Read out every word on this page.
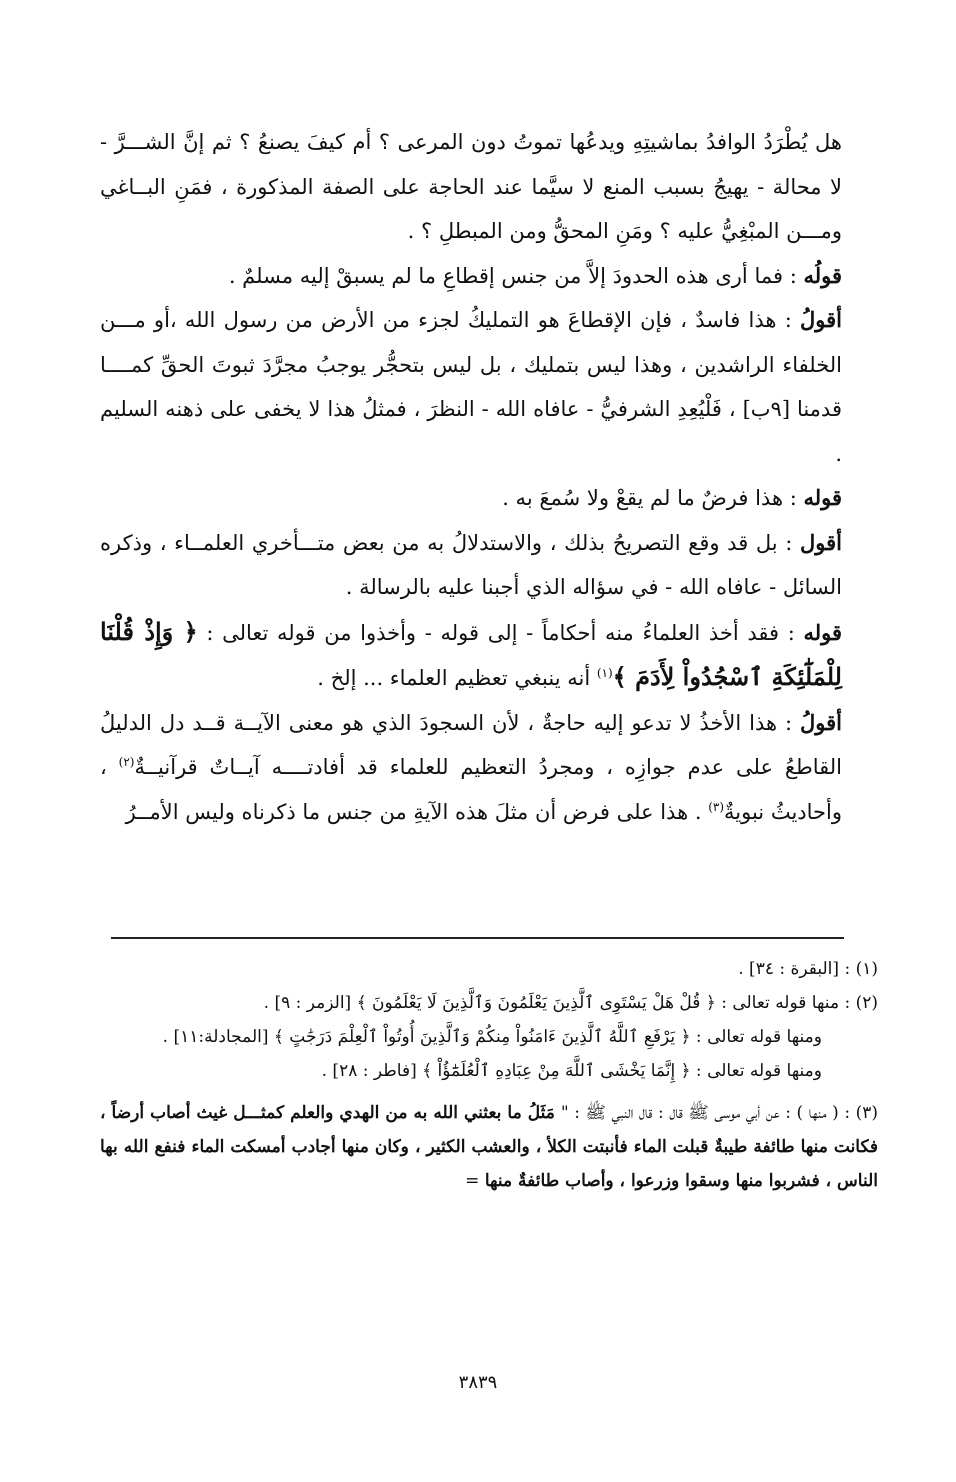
هل يُطْرَدُ الوافدُ بماشيتِهِ ويدعُها تموتُ دون المرعى ؟ أم كيفَ يصنعُ ؟ ثم إنَّ الشـــرَّ - لا محالة - يهيجُ بسبب المنع لا سيَّما عند الحاجة على الصفة المذكورة ، فمَنِ البــاغي ومـــن المبْغِيُّ عليه ؟ ومَنِ المحقُّ ومن المبطلِ ؟ .

قولُه : فما أرى هذه الحدودَ إلاَّ من جنس إقطاعِ ما لم يسبقْ إليه مسلمٌ .

أقولُ : هذا فاسدٌ ، فإن الإقطاعَ هو التمليكُ لجزء من الأرض من رسول الله ،أو مـــن الخلفاء الراشدين ، وهذا ليس بتمليك ، بل ليس بتحجُّر يوجبُ مجرَّدَ ثبوتَ الحقِّ كمــــا قدمنا [٩ب] ، فَلْيُعِدِ الشرفيُّ - عافاه الله - النظرَ ، فمثلُ هذا لا يخفى على ذهنه السليم .

قوله : هذا فرضٌ ما لم يقعْ ولا سُمعَ به .

أقول : بل قد وقع التصريحُ بذلك ، والاستدلالُ به من بعض متـــأخري العلمــاء ، وذكره السائل - عافاه الله - في سؤاله الذي أجبنا عليه بالرسالة .

قوله : فقد أخذ العلماءُ منه أحكاماً - إلى قوله - وأخذوا من قوله تعالى : ﴿ وَإِذْ قُلْنَا لِلْمَلَٰٓئِكَةِ ٱسْجُدُواْ لِأَدَمَ ﴾$^{(١)}$ أنه ينبغي تعظيم العلماء ... إلخ .

أقولُ : هذا الأخذُ لا تدعو إليه حاجةٌ ، لأن السجودَ الذي هو معنى الآيــة قــد دل الدليلُ القاطعُ على عدم جوازِه ، ومجردُ التعظيم للعلماء قد أفادتــــه آيــاتٌ قرآنيــةٌ$^{(٢)}$ ، وأحاديثُ نبويةٌ$^{(٣)}$ . هذا على فرض أن مثلَ هذه الآيةِ من جنس ما ذكرناه وليس الأمــرُ

(١) : [البقرة : ٣٤] .

(٢) : منها قوله تعالى : ﴿ قُلْ هَلْ يَسْتَوِى ٱلَّذِينَ يَعْلَمُونَ وَٱلَّذِينَ لَا يَعْلَمُونَ ﴾ [الزمر : ٩] .

ومنها قوله تعالى : ﴿ يَرْفَعِ ٱللَّهُ ٱلَّذِينَ ءَامَنُواْ مِنكُمْ وَٱلَّذِينَ أُوتُواْ ٱلْعِلْمَ دَرَجَٰتٍ ﴾ [المجادلة:١١] .

ومنها قوله تعالى : ﴿ إِنَّمَا يَخْشَى ٱللَّهَ مِنْ عِبَادِهِ ٱلْعُلَمَٰٓؤُاْ ﴾ [فاطر : ٢٨] .

(٣) : ( منها ) : عن أبي موسى ﷺ قال : قال النبي ﷺ : " مَثَلُ ما بعثني الله به من الهدي والعلم كمثـــل غيث أصاب أرضاً ، فكانت منها طائفة طيبةٌ قبلت الماء فأنبتت الكلأ ، والعشب الكثير ، وكان منها أجادب أمسكت الماء فنفع الله بها الناس ، فشربوا منها وسقوا وزرعوا ، وأصاب طائفةٌ منها =

٣٨٣٩
